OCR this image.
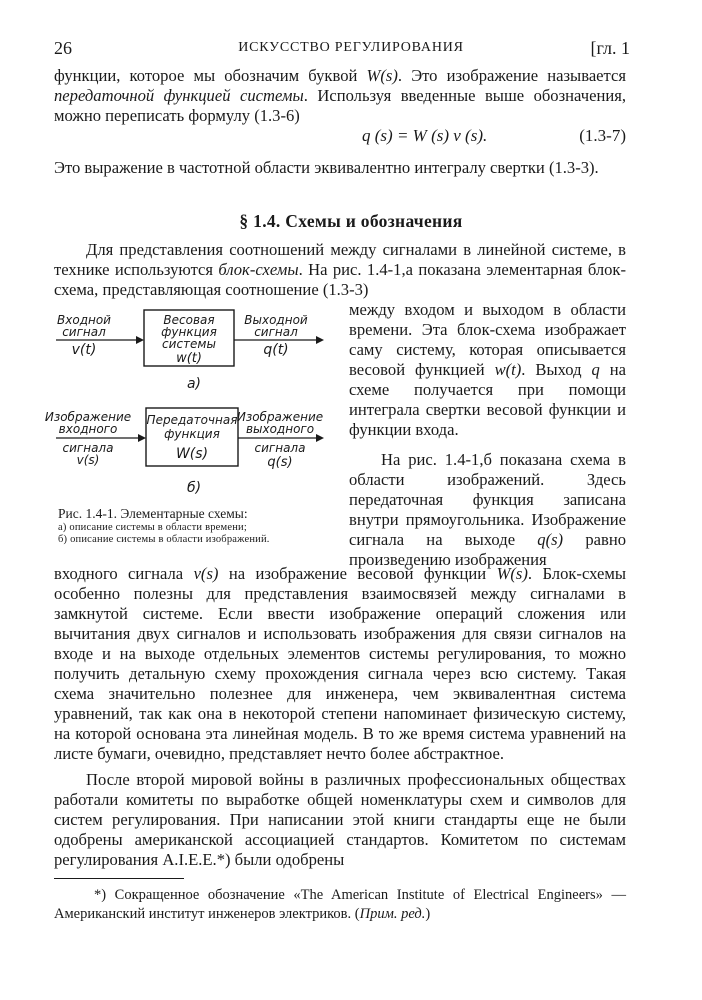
26	ИСКУССТВО РЕГУЛИРОВАНИЯ	[гл. 1

функции, которое мы обозначим буквой W(s). Это изображение называется передаточной функцией системы. Используя введенные выше обозначения, можно переписать формулу (1.3-6)

q (s) = W (s) v (s).	(1.3-7)

Это выражение в частотной области эквивалентно интегралу свертки (1.3-3).

§ 1.4. Схемы и обозначения

Для представления соотношений между сигналами в линейной системе, в технике используются блок-схемы. На рис. 1.4-1,а показана элементарная блок-схема, представляющая соотношение (1.3-3)

между входом и выходом в области времени. Эта блок-схема изображает саму систему, которая описывается весовой функцией w(t). Выход q на схеме получается при помощи интеграла свертки весовой функции и функции входа.

На рис. 1.4-1,б показана схема в области изображений. Здесь передаточная функция записана внутри прямоугольника. Изображение сигнала на выходе q(s) равно произведению изображения

Входной
сигнал
v(t)
Весовая
функция
системы
w(t)
Выходной
сигнал
q(t)
а)
Изображение
входного
сигнала
v(s)
Передаточная
функция
W(s)
Изображение
выходного
сигнала
q(s)
б)

Рис. 1.4-1. Элементарные схемы:

а) описание системы в области времени;

б) описание системы в области изображений.

входного сигнала v(s) на изображение весовой функции W(s). Блок-схемы особенно полезны для представления взаимосвязей между сигналами в замкнутой системе. Если ввести изображение операций сложения или вычитания двух сигналов и использовать изображения для связи сигналов на входе и на выходе отдельных элементов системы регулирования, то можно получить детальную схему прохождения сигнала через всю систему. Такая схема значительно полезнее для инженера, чем эквивалентная система уравнений, так как она в некоторой степени напоминает физическую систему, на которой основана эта линейная модель. В то же время система уравнений на листе бумаги, очевидно, представляет нечто более абстрактное.

После второй мировой войны в различных профессиональных обществах работали комитеты по выработке общей номенклатуры схем и символов для систем регулирования. При написании этой книги стандарты еще не были одобрены американской ассоциацией стандартов. Комитетом по системам регулирования A.I.E.E.*) были одобрены

*) Сокращенное обозначение «The American Institute of Electrical Engineers» — Американский институт инженеров электриков. (Прим. ред.)
